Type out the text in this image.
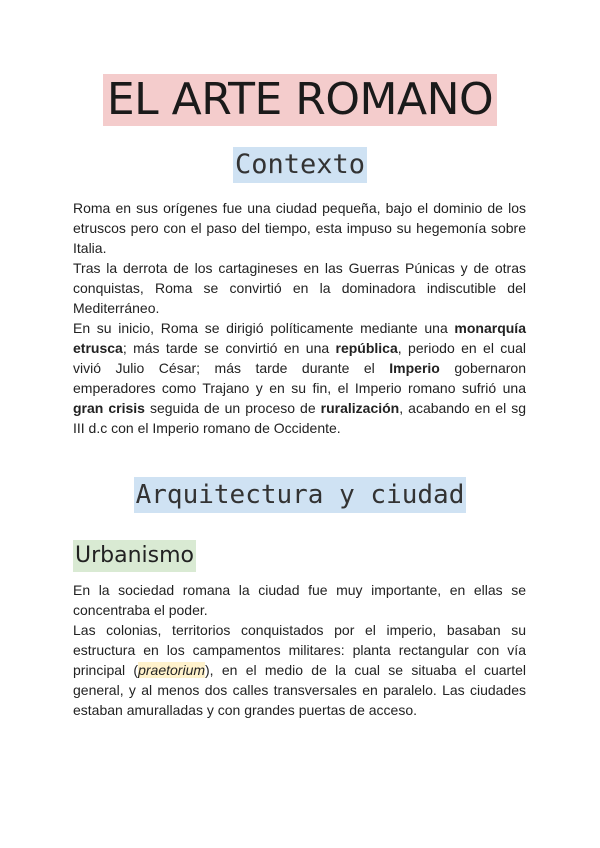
EL ARTE ROMANO
Contexto

Roma en sus orígenes fue una ciudad pequeña, bajo el dominio de los etruscos pero con el paso del tiempo, esta impuso su hegemonía sobre Italia.

Tras la derrota de los cartagineses en las Guerras Púnicas y de otras conquistas, Roma se convirtió en la dominadora indiscutible del Mediterráneo.

En su inicio, Roma se dirigió políticamente mediante una monarquía etrusca; más tarde se convirtió en una república, periodo en el cual vivió Julio César; más tarde durante el Imperio gobernaron emperadores como Trajano y en su fin, el Imperio romano sufrió una gran crisis seguida de un proceso de ruralización, acabando en el sg III d.c con el Imperio romano de Occidente.

Arquitectura y ciudad
Urbanismo

En la sociedad romana la ciudad fue muy importante, en ellas se concentraba el poder.

Las colonias, territorios conquistados por el imperio, basaban su estructura en los campamentos militares: planta rectangular con vía principal (praetorium), en el medio de la cual se situaba el cuartel general, y al menos dos calles transversales en paralelo. Las ciudades estaban amuralladas y con grandes puertas de acceso.
